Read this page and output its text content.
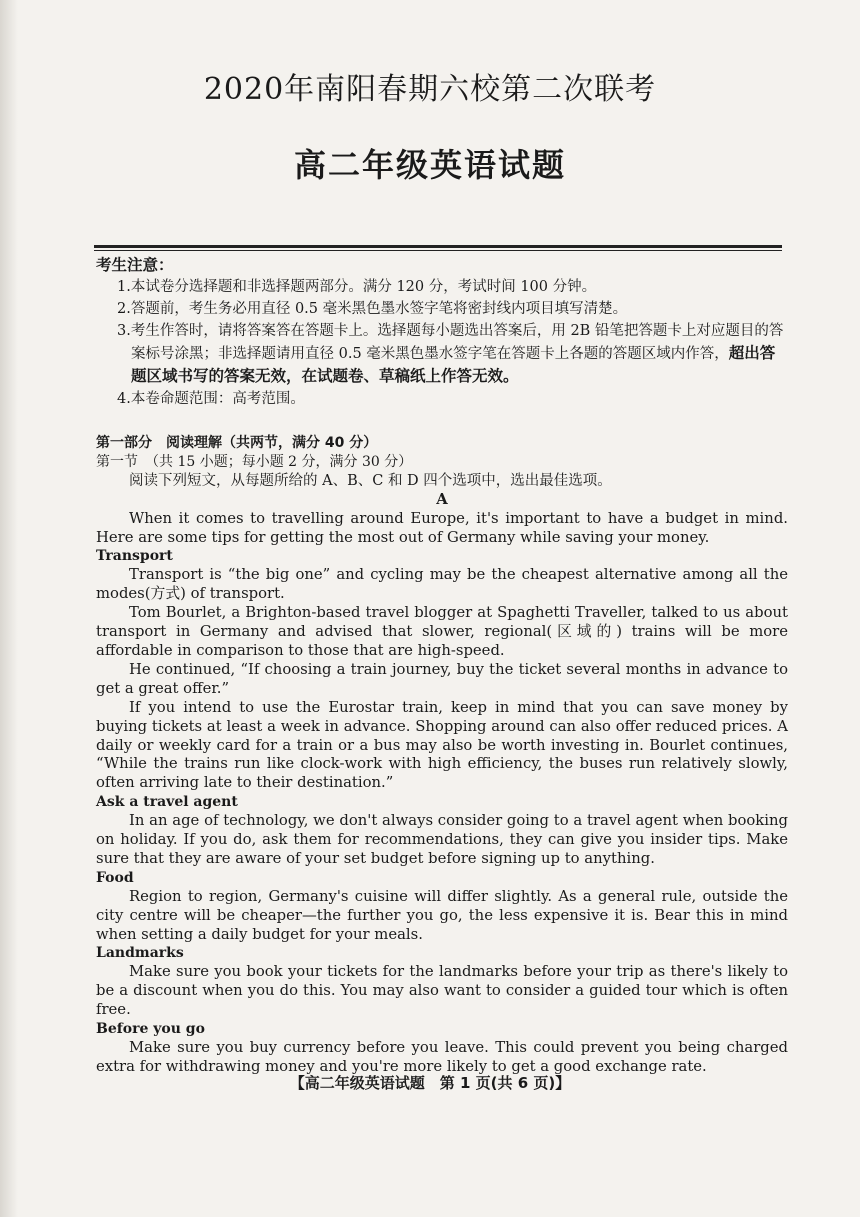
2020年南阳春期六校第二次联考
高二年级英语试题
考生注意：
1.本试卷分选择题和非选择题两部分。满分 120 分，考试时间 100 分钟。
2.答题前，考生务必用直径 0.5 毫米黑色墨水签字笔将密封线内项目填写清楚。
3.考生作答时，请将答案答在答题卡上。选择题每小题选出答案后，用 2B 铅笔把答题卡上对应题目的答案标号涂黑；非选择题请用直径 0.5 毫米黑色墨水签字笔在答题卡上各题的答题区域内作答，超出答题区域书写的答案无效，在试题卷、草稿纸上作答无效。
4.本卷命题范围：高考范围。
第一部分　阅读理解（共两节，满分 40 分）
第一节　（共 15 小题；每小题 2 分，满分 30 分）
阅读下列短文，从每题所给的 A、B、C 和 D 四个选项中，选出最佳选项。
A

When it comes to travelling around Europe, it's important to have a budget in mind. Here are some tips for getting the most out of Germany while saving your money.

Transport

Transport is “the big one” and cycling may be the cheapest alternative among all the modes(方式) of transport.

Tom Bourlet, a Brighton-based travel blogger at Spaghetti Traveller, talked to us about transport in Germany and advised that slower, regional(区域的) trains will be more affordable in comparison to those that are high-speed.

He continued, “If choosing a train journey, buy the ticket several months in advance to get a great offer.”

If you intend to use the Eurostar train, keep in mind that you can save money by buying tickets at least a week in advance. Shopping around can also offer reduced prices. A daily or weekly card for a train or a bus may also be worth investing in. Bourlet continues, “While the trains run like clock-work with high efficiency, the buses run relatively slowly, often arriving late to their destination.”

Ask a travel agent

In an age of technology, we don't always consider going to a travel agent when booking on holiday. If you do, ask them for recommendations, they can give you insider tips. Make sure that they are aware of your set budget before signing up to anything.

Food

Region to region, Germany's cuisine will differ slightly. As a general rule, outside the city centre will be cheaper—the further you go, the less expensive it is. Bear this in mind when setting a daily budget for your meals.

Landmarks

Make sure you book your tickets for the landmarks before your trip as there's likely to be a discount when you do this. You may also want to consider a guided tour which is often free.

Before you go

Make sure you buy currency before you leave. This could prevent you being charged extra for withdrawing money and you're more likely to get a good exchange rate.

【高二年级英语试题　第 1 页(共 6 页)】
